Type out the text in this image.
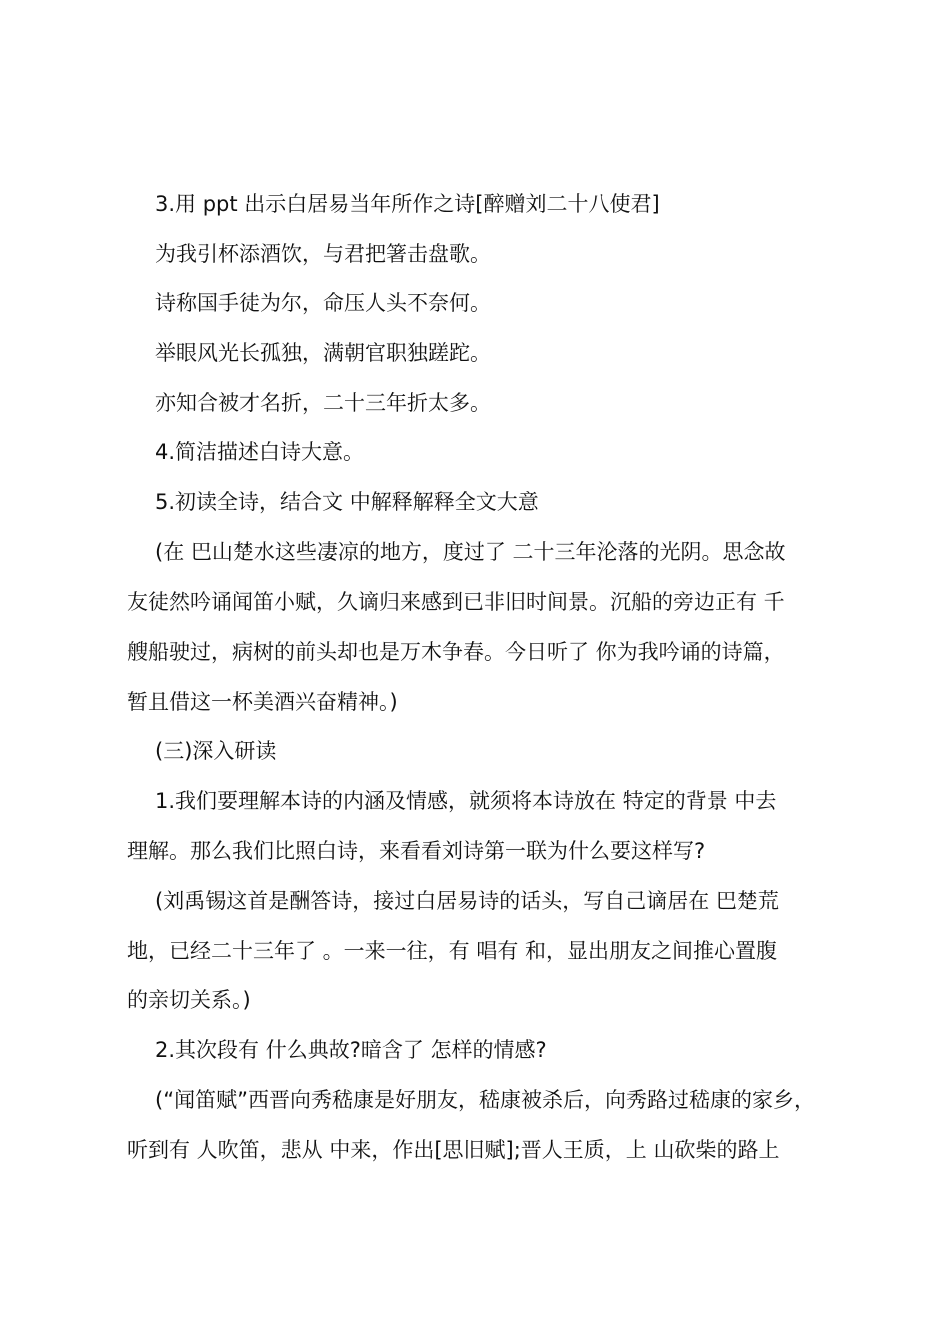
3.用 ppt 出示白居易当年所作之诗[醉赠刘二十八使君]
为我引杯添酒饮，与君把箸击盘歌。
诗称国手徒为尔，命压人头不奈何。
举眼风光长孤独，满朝官职独蹉跎。
亦知合被才名折，二十三年折太多。
4.简洁描述白诗大意。
5.初读全诗，结合文 中解释解释全文大意
(在 巴山楚水这些凄凉的地方，度过了 二十三年沦落的光阴。思念故
友徒然吟诵闻笛小赋，久谪归来感到已非旧时间景。沉船的旁边正有 千
艘船驶过，病树的前头却也是万木争春。今日听了 你为我吟诵的诗篇，
暂且借这一杯美酒兴奋精神。)
(三)深入研读
1.我们要理解本诗的内涵及情感，就须将本诗放在 特定的背景 中去
理解。那么我们比照白诗，来看看刘诗第一联为什么要这样写?
(刘禹锡这首是酬答诗，接过白居易诗的话头，写自己谪居在 巴楚荒
地，已经二十三年了 。一来一往，有 唱有 和，显出朋友之间推心置腹
的亲切关系。)
2.其次段有 什么典故?暗含了 怎样的情感?
(“闻笛赋”西晋向秀嵇康是好朋友，嵇康被杀后，向秀路过嵇康的家乡，
听到有 人吹笛，悲从 中来，作出[思旧赋];晋人王质，上 山砍柴的路上
